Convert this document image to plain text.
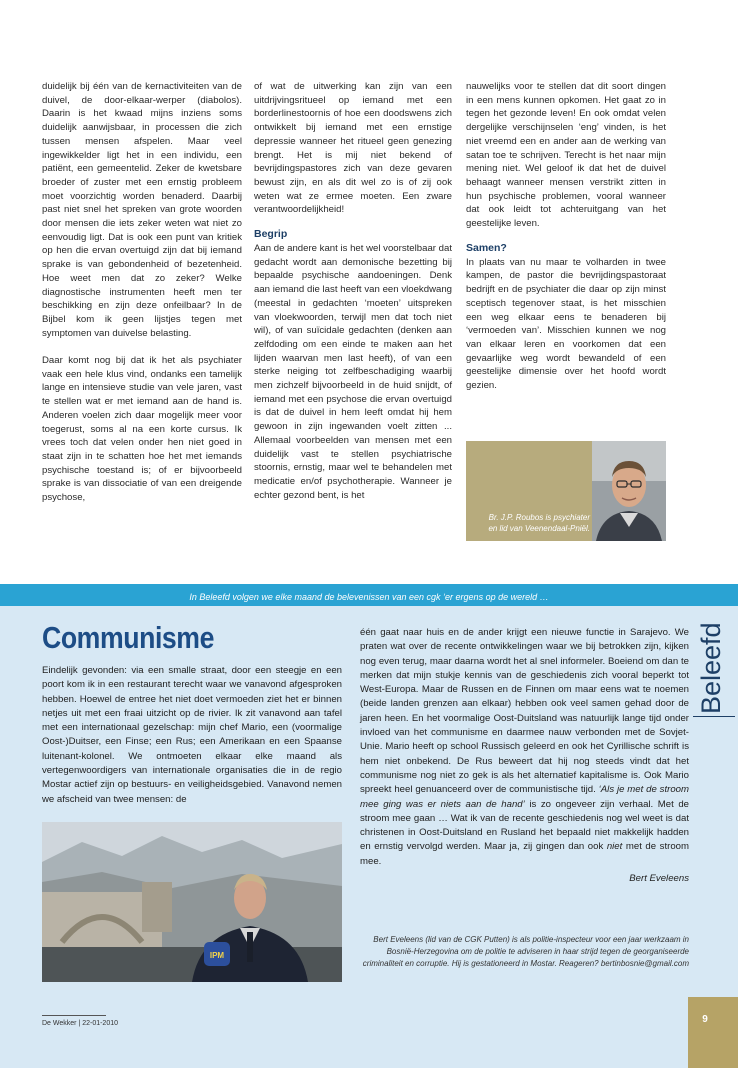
duidelijk bij één van de kernactiviteiten van de duivel, de door-elkaar-werper (diabolos). Daarin is het kwaad mijns inziens soms duidelijk aanwijsbaar, in processen die zich tussen mensen afspelen. Maar veel ingewikkelder ligt het in een individu, een patiënt, een gemeentelid. Zeker de kwetsbare broeder of zuster met een ernstig probleem moet voorzichtig worden benaderd. Daarbij past niet snel het spreken van grote woorden door mensen die iets zeker weten wat niet zo eenvoudig ligt. Dat is ook een punt van kritiek op hen die ervan overtuigd zijn dat bij iemand sprake is van gebondenheid of bezetenheid. Hoe weet men dat zo zeker? Welke diagnostische instrumenten heeft men ter beschikking en zijn deze onfeilbaar? In de Bijbel kom ik geen lijstjes tegen met symptomen van duivelse belasting.

Daar komt nog bij dat ik het als psychiater vaak een hele klus vind, ondanks een tamelijk lange en intensieve studie van vele jaren, vast te stellen wat er met iemand aan de hand is. Anderen voelen zich daar mogelijk meer voor toegerust, soms al na een korte cursus. Ik vrees toch dat velen onder hen niet goed in staat zijn in te schatten hoe het met iemands psychische toestand is; of er bijvoorbeeld sprake is van dissociatie of van een dreigende psychose,

of wat de uitwerking kan zijn van een uitdrijvingsritueel op iemand met een borderlinestoornis of hoe een doodswens zich ontwikkelt bij iemand met een ernstige depressie wanneer het ritueel geen genezing brengt. Het is mij niet bekend of bevrijdingspastores zich van deze gevaren bewust zijn, en als dit wel zo is of zij ook weten wat ze ermee moeten. Een zware verantwoordelijkheid!

Begrip

Aan de andere kant is het wel voorstelbaar dat gedacht wordt aan demonische bezetting bij bepaalde psychische aandoeningen. Denk aan iemand die last heeft van een vloekdwang (meestal in gedachten ‘moeten’ uitspreken van vloekwoorden, terwijl men dat toch niet wil), of van suïcidale gedachten (denken aan zelfdoding om een einde te maken aan het lijden waarvan men last heeft), of van een sterke neiging tot zelfbeschadiging waarbij men zichzelf bijvoorbeeld in de huid snijdt, of iemand met een psychose die ervan overtuigd is dat de duivel in hem leeft omdat hij hem gewoon in zijn ingewanden voelt zitten ... Allemaal voorbeelden van mensen met een duidelijk vast te stellen psychiatrische stoornis, ernstig, maar wel te behandelen met medicatie en/of psychotherapie. Wanneer je echter gezond bent, is het

nauwelijks voor te stellen dat dit soort dingen in een mens kunnen opkomen. Het gaat zo in tegen het gezonde leven! En ook omdat velen dergelijke verschijnselen ‘eng’ vinden, is het niet vreemd een en ander aan de werking van satan toe te schrijven. Terecht is het naar mijn mening niet. Wel geloof ik dat het de duivel behaagt wanneer mensen verstrikt zitten in hun psychische problemen, vooral wanneer dat ook leidt tot achteruitgang van het geestelijke leven.

Samen?

In plaats van nu maar te volharden in twee kampen, de pastor die bevrijdingspastoraat bedrijft en de psychiater die daar op zijn minst sceptisch tegenover staat, is het misschien een weg elkaar eens te benaderen bij ‘vermoeden van’. Misschien kunnen we nog van elkaar leren en voorkomen dat een gevaarlijke weg wordt bewandeld of een geestelijke dimensie over het hoofd wordt gezien.

Br. J.P. Roubos is psychiater
en lid van Veenendaal-Pniël.
In Beleefd volgen we elke maand de belevenissen van een cgk ‘er ergens op de wereld …
Beleefd
Communisme

Eindelijk gevonden: via een smalle straat, door een steegje en een poort kom ik in een restaurant terecht waar we vanavond afgesproken hebben. Hoewel de entree het niet doet vermoeden ziet het er binnen netjes uit met een fraai uitzicht op de rivier. Ik zit vanavond aan tafel met een internationaal gezelschap: mijn chef Mario, een (voormalige Oost-)Duitser, een Finse; een Rus; een Amerikaan en een Spaanse luitenant-kolonel. We ontmoeten elkaar elke maand als vertegenwoordigers van internationale organisaties die in de regio Mostar actief zijn op bestuurs- en veiligheidsgebied. Vanavond nemen we afscheid van twee mensen: de

IPM

één gaat naar huis en de ander krijgt een nieuwe functie in Sarajevo. We praten wat over de recente ontwikkelingen waar we bij betrokken zijn, kijken nog even terug, maar daarna wordt het al snel informeler. Boeiend om dan te merken dat mijn stukje kennis van de geschiedenis zich vooral beperkt tot West-Europa. Maar de Russen en de Finnen om maar eens wat te noemen (beide landen grenzen aan elkaar) hebben ook veel samen gehad door de jaren heen. En het voormalige Oost-Duitsland was natuurlijk lange tijd onder invloed van het communisme en daarmee nauw verbonden met de Sovjet-Unie. Mario heeft op school Russisch geleerd en ook het Cyrillische schrift is hem niet onbekend. De Rus beweert dat hij nog steeds vindt dat het communisme nog niet zo gek is als het alternatief kapitalisme is. Ook Mario spreekt heel genuanceerd over de communistische tijd. ‘Als je met de stroom mee ging was er niets aan de hand’ is zo ongeveer zijn verhaal. Met de stroom mee gaan … Wat ik van de recente geschiedenis nog wel weet is dat christenen in Oost-Duitsland en Rusland het bepaald niet makkelijk hadden en ernstig vervolgd werden. Maar ja, zij gingen dan ook niet met de stroom mee.

Bert Eveleens
Bert Eveleens (lid van de CGK Putten) is als politie-inspecteur voor een jaar werkzaam in Bosnië-Herzegovina om de politie te adviseren in haar strijd tegen de georganiseerde criminaliteit en corruptie. Hij is gestationeerd in Mostar. Reageren? bertinbosnie@gmail.com
De Wekker | 22-01-2010	9
